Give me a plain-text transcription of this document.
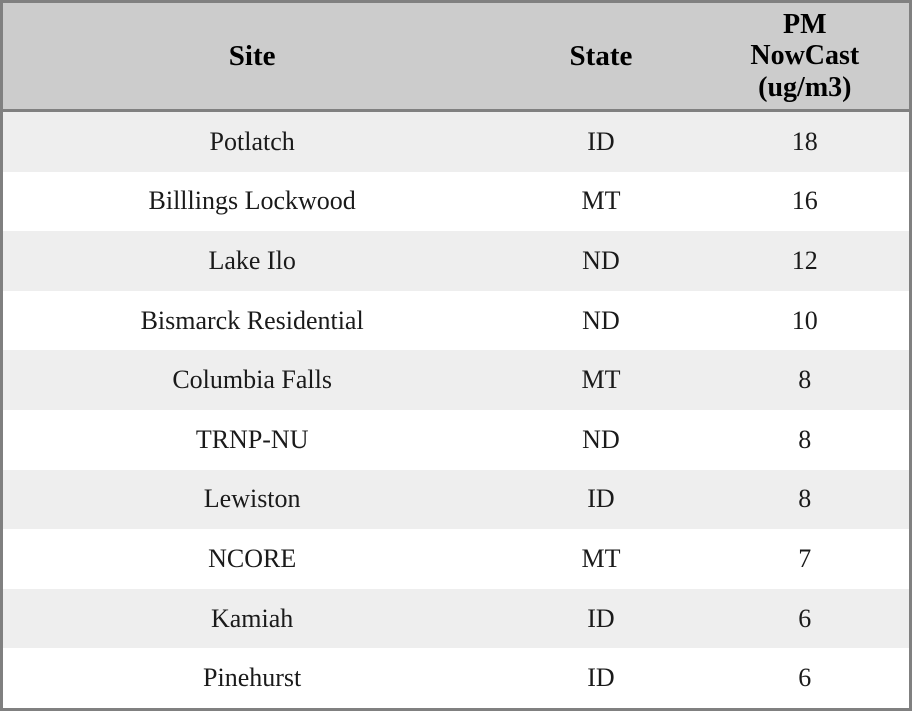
Site	State	PM
NowCast
(ug/m3)

Potlatch	ID	18
Billlings Lockwood	MT	16
Lake Ilo	ND	12
Bismarck Residential	ND	10
Columbia Falls	MT	8
TRNP-NU	ND	8
Lewiston	ID	8
NCORE	MT	7
Kamiah	ID	6
Pinehurst	ID	6
